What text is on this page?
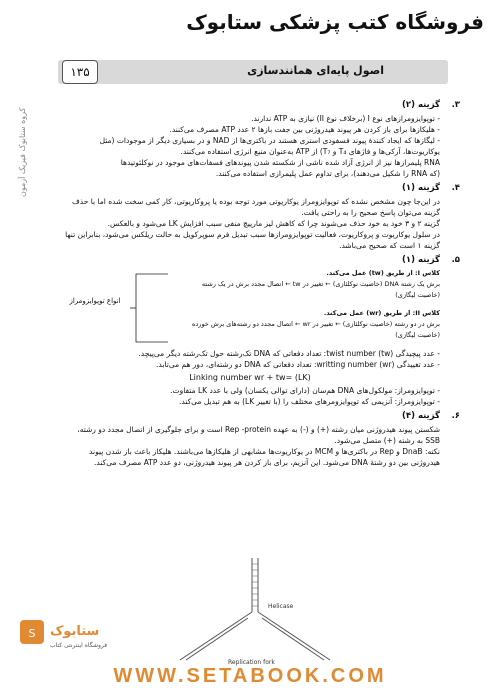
فروشگاه کتب پزشکی ستابوک
اصول پایه‌ای همانندسازی
۱۳۵
کروه ستابوک فیزیک آزمون
۳.
گزینه (۲)

- توپوایزومرازهای نوع I (برخلاف نوع II) نیازی به ATP ندارند.

- هلیکازها برای باز کردن هر پیوند هیدروژنی بین جفت بازها ۲ عدد ATP مصرف می‌کنند.

- لیگازها که ایجاد کنندهٔ پیوند فسفودی استری هستند در باکتری‌ها از NAD و در بسیاری دیگر از موجودات (مثل

یوکاریوت‌ها، آرکی‌ها و فاژهای T₄ و T₇) از ATP به‌عنوان منبع انرژی استفاده می‌کنند.

RNA پلیمراز‌ها نیز از انرژی آزاد شده ناشی از شکسته شدن پیوندهای فسفات‌های موجود در نوکلئوتیدها

(که RNA را شکیل می‌دهند)، برای تداوم عمل پلیمرازی استفاده می‌کنند.

۴.
گزینه (۱)

در این‌جا چون مشخص نشده که توپوایزومراز یوکاریوتی مورد توجه بوده یا پروکاریوتی، کار کمی سخت شده اما با حذف

گزینه می‌توان پاسخ صحیح را به راحتی یافت.

گزینه ۲ و ۳ خود به خود حذف می‌شوند چرا که کاهش لیز مارپیچ منفی سبب افزایش LK می‌شود و بالعکس.

در سلول یوکاریوت و پروکاریوت، فعالیت توپوایزومرازها سبب تبدیل فرم سوپرکویل به حالت ریلکس می‌شود، بنابراین تنها

گزینه ۱ است که صحیح می‌باشد.

۵.
گزینه (۱)

کلاس I: از طریق (tw) عمل می‌کند.

برش یک رشته DNA (خاصیت نوکلئازی) ← تغییر در tw ← اتصال مجدد برش در یک رشته

(خاصیت لیگازی)

انواع توپوایزومراز

کلاس II: از طریق (wr) عمل می‌کند.

برش در دو رشته (خاصیت نوکلئازی) ← تغییر در wr ← اتصال مجدد دو رشته‌های برش خورده

(خاصیت لیگازی)

- عدد پیچیدگی (twist number (tw: تعداد دفعاتی که DNA تک‌رشته حول تک‌رشته دیگر می‌پیچد.

- عدد تغییدگی (writting number (wr: تعداد دفعاتی که DNA دو رشته‌ای، دور هم می‌تابد.

Linking number wr + tw= (LK)

- توپوایزومراز: مولکول‌های DNA هم‌سان (دارای توالی یکسان) ولی با عدد LK متفاوت.

- توپوایزومراز: آنزیمی که توپوایزومرهای مختلف را (با تغییر LK) به هم تبدیل می‌کند.

۶.
گزینه (۴)

شکستن پیوند هیدروژنی میان رشته (+) و (-) به عهده Rep -protein است و برای جلوگیری از اتصال مجدد دو رشته،

SSB به رشته (+) متصل می‌شود.

نکته: DnaB و Rep در باکتری‌ها و MCM در یوکاریوت‌ها مشابهی از هلیکازها می‌باشند. هلیکاز باعث باز شدن پیوند

هیدروژنی بین دو رشتهٔ DNA می‌شود. این آنزیم، برای باز کردن هر پیوند هیدروژنی، دو عدد ATP مصرف می‌کند.

Helicase
Replication fork
S ستابوک
فروشگاه اینترنتی کتاب
WWW.SETABOOK.COM
